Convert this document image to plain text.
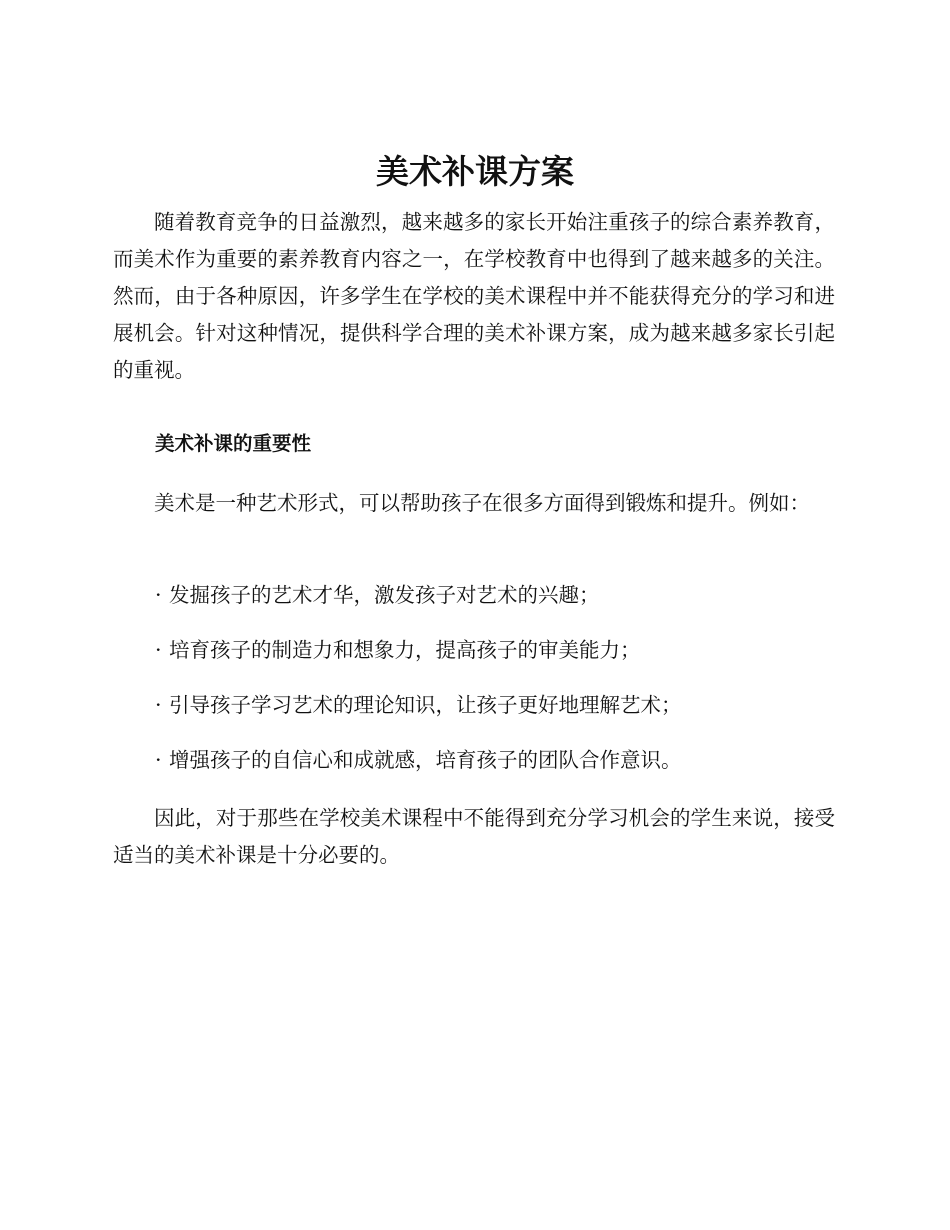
美术补课方案

随着教育竞争的日益激烈，越来越多的家长开始注重孩子的综合素养教育，而美术作为重要的素养教育内容之一，在学校教育中也得到了越来越多的关注。然而，由于各种原因，许多学生在学校的美术课程中并不能获得充分的学习和进展机会。针对这种情况，提供科学合理的美术补课方案，成为越来越多家长引起的重视。

美术补课的重要性

美术是一种艺术形式，可以帮助孩子在很多方面得到锻炼和提升。例如：

· 发掘孩子的艺术才华，激发孩子对艺术的兴趣；
· 培育孩子的制造力和想象力，提高孩子的审美能力；
· 引导孩子学习艺术的理论知识，让孩子更好地理解艺术；
· 增强孩子的自信心和成就感，培育孩子的团队合作意识。

因此，对于那些在学校美术课程中不能得到充分学习机会的学生来说，接受适当的美术补课是十分必要的。
